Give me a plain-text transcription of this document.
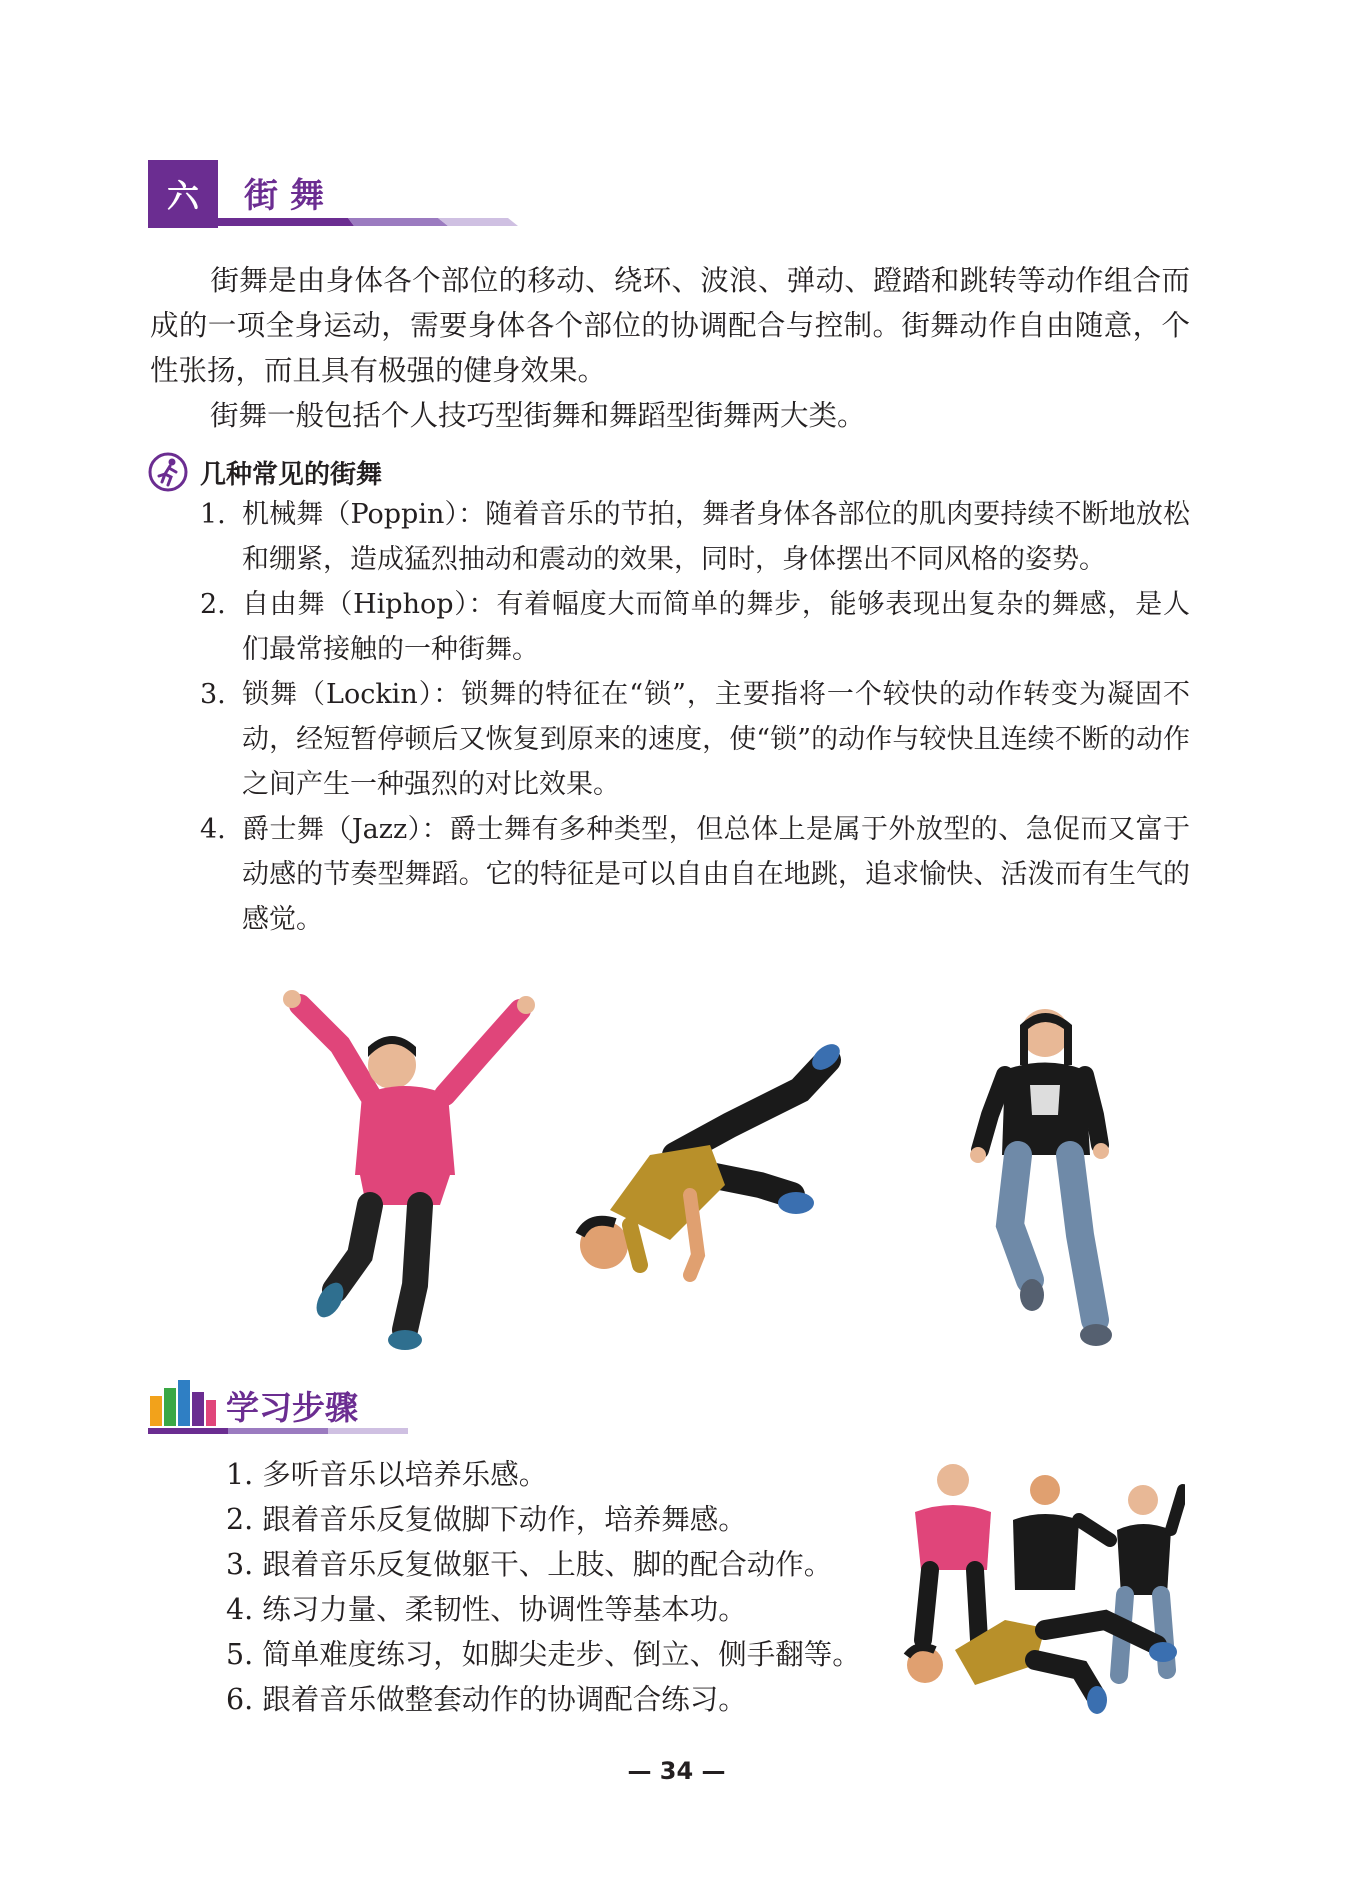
六	街舞
街舞是由身体各个部位的移动、绕环、波浪、弹动、蹬踏和跳转等动作组合而成的一项全身运动，需要身体各个部位的协调配合与控制。街舞动作自由随意，个性张扬，而且具有极强的健身效果。
街舞一般包括个人技巧型街舞和舞蹈型街舞两大类。
几种常见的街舞
1. 机械舞（Poppin）：随着音乐的节拍，舞者身体各部位的肌肉要持续不断地放松和绷紧，造成猛烈抽动和震动的效果，同时，身体摆出不同风格的姿势。
2. 自由舞（Hiphop）：有着幅度大而简单的舞步，能够表现出复杂的舞感，是人们最常接触的一种街舞。
3. 锁舞（Lockin）：锁舞的特征在“锁”，主要指将一个较快的动作转变为凝固不动，经短暂停顿后又恢复到原来的速度，使“锁”的动作与较快且连续不断的动作之间产生一种强烈的对比效果。
4. 爵士舞（Jazz）：爵士舞有多种类型，但总体上是属于外放型的、急促而又富于动感的节奏型舞蹈。它的特征是可以自由自在地跳，追求愉快、活泼而有生气的感觉。
学习步骤
1. 多听音乐以培养乐感。
2. 跟着音乐反复做脚下动作，培养舞感。
3. 跟着音乐反复做躯干、上肢、脚的配合动作。
4. 练习力量、柔韧性、协调性等基本功。
5. 简单难度练习，如脚尖走步、倒立、侧手翻等。
6. 跟着音乐做整套动作的协调配合练习。
— 34 —
